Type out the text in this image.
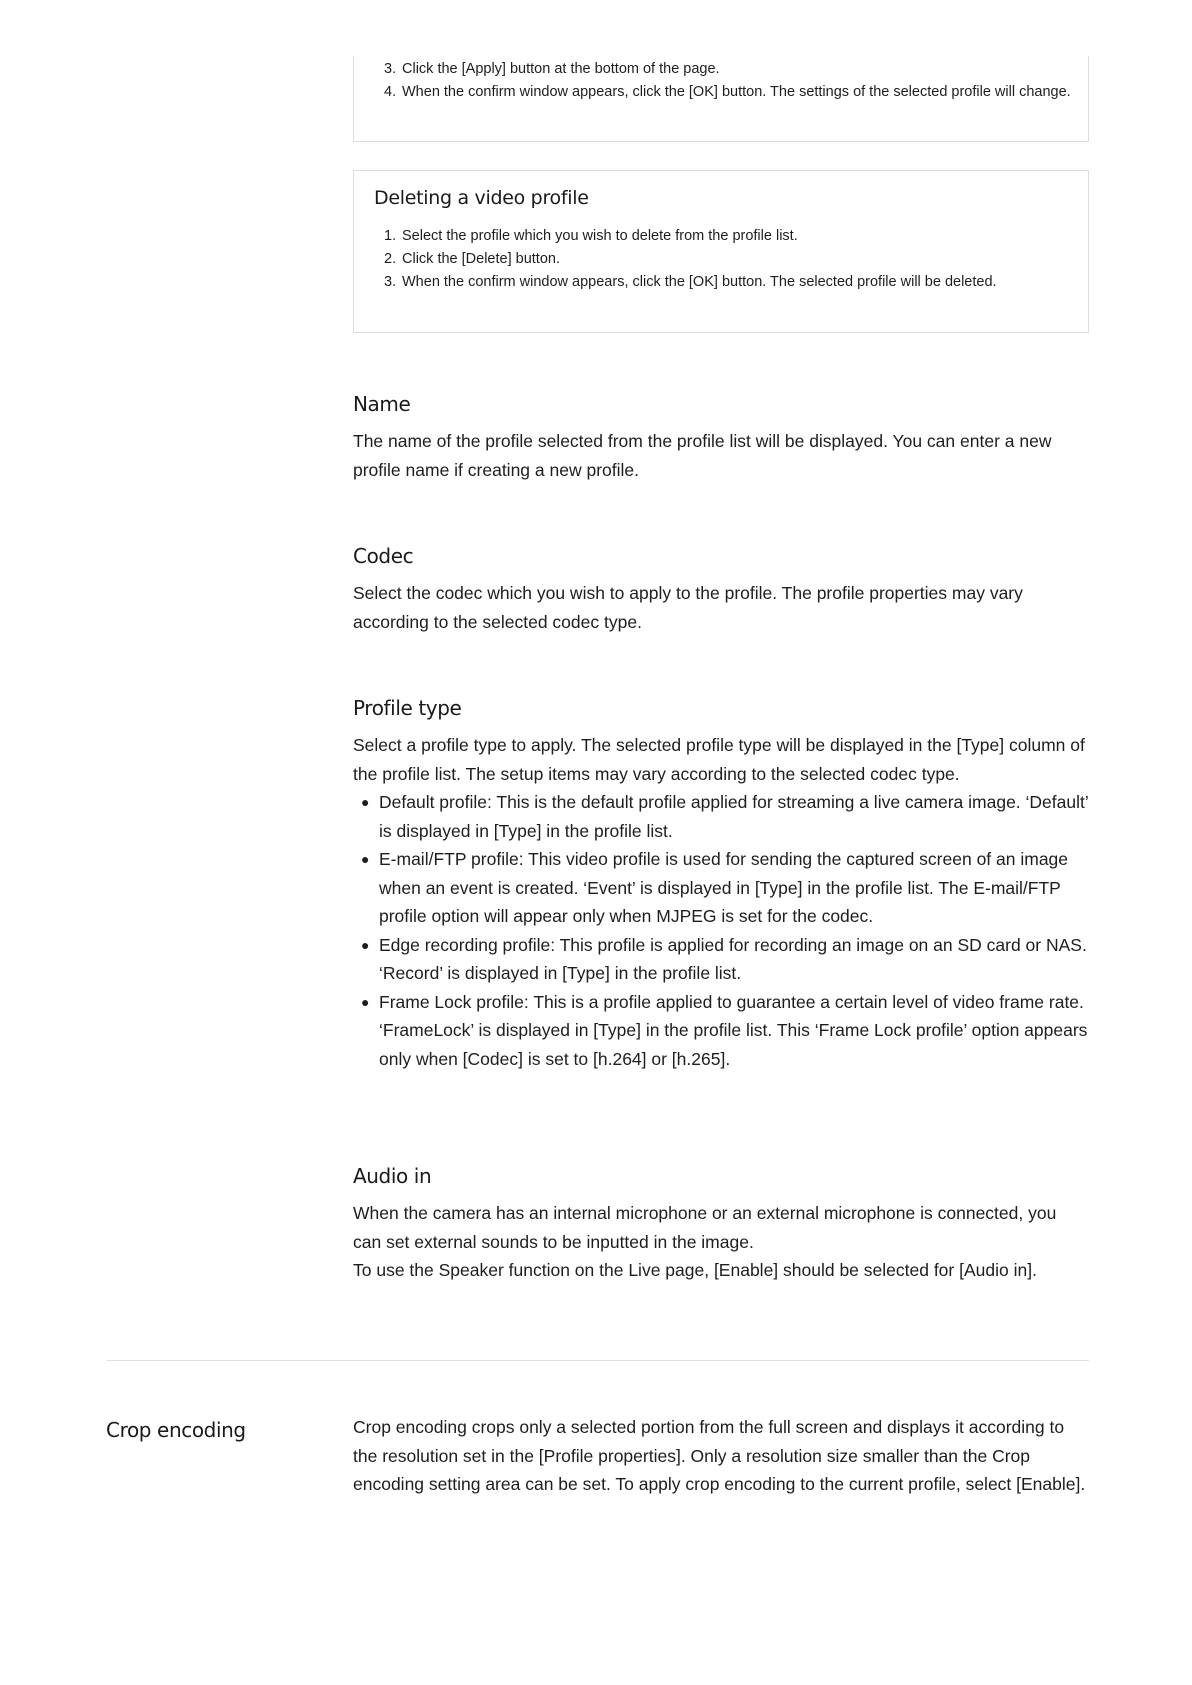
3. Click the [Apply] button at the bottom of the page.
4. When the confirm window appears, click the [OK] button. The settings of the selected profile will change.
Deleting a video profile
1. Select the profile which you wish to delete from the profile list.
2. Click the [Delete] button.
3. When the confirm window appears, click the [OK] button. The selected profile will be deleted.
Name

The name of the profile selected from the profile list will be displayed. You can enter a new profile name if creating a new profile.

Codec

Select the codec which you wish to apply to the profile. The profile properties may vary according to the selected codec type.

Profile type

Select a profile type to apply. The selected profile type will be displayed in the [Type] column of the profile list. The setup items may vary according to the selected codec type.

● Default profile: This is the default profile applied for streaming a live camera image. ‘Default’ is displayed in [Type] in the profile list.
● E-mail/FTP profile: This video profile is used for sending the captured screen of an image when an event is created. ‘Event’ is displayed in [Type] in the profile list. The E-mail/FTP profile option will appear only when MJPEG is set for the codec.
● Edge recording profile: This profile is applied for recording an image on an SD card or NAS. ‘Record’ is displayed in [Type] in the profile list.
● Frame Lock profile: This is a profile applied to guarantee a certain level of video frame rate. ‘FrameLock’ is displayed in [Type] in the profile list. This ‘Frame Lock profile’ option appears only when [Codec] is set to [h.264] or [h.265].
Audio in

When the camera has an internal microphone or an external microphone is connected, you can set external sounds to be inputted in the image.

To use the Speaker function on the Live page, [Enable] should be selected for [Audio in].

Crop encoding	Crop encoding crops only a selected portion from the full screen and displays it according to the resolution set in the [Profile properties]. Only a resolution size smaller than the Crop encoding setting area can be set. To apply crop encoding to the current profile, select [Enable].
